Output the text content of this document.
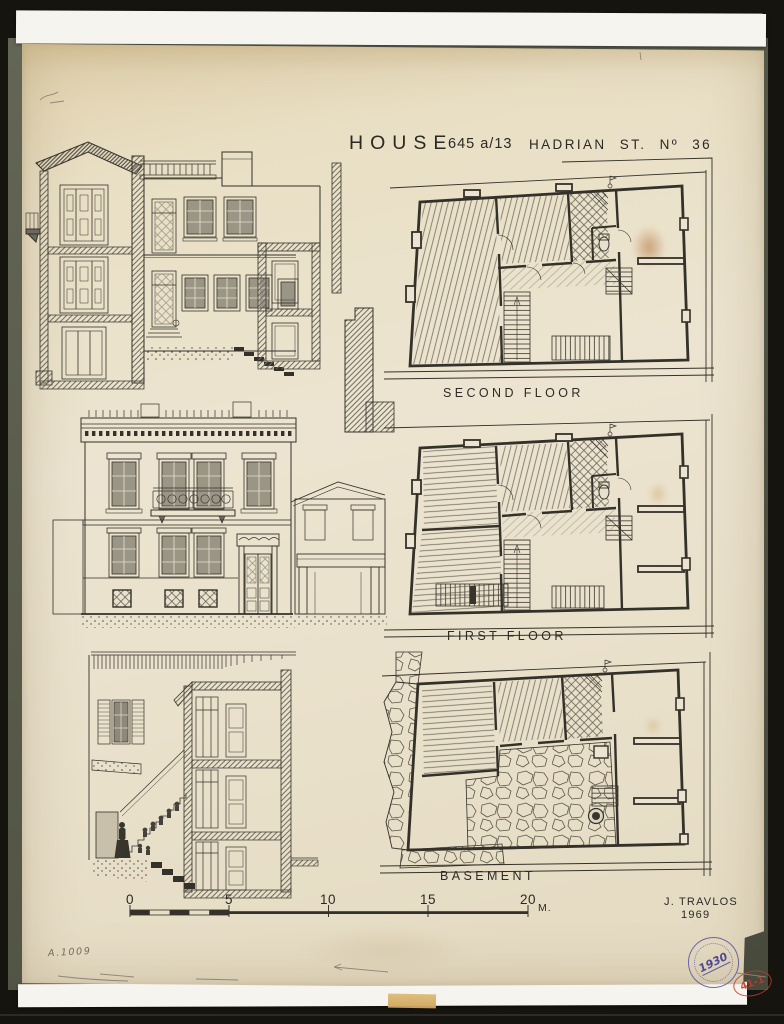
HOUSE
645 a/13 HADRIAN ST. Nº 36
SECOND FLOOR
FIRST FLOOR
BASEMENT
0	5	10	15	20
M.	J. TRAVLOS
1969
A.1009	1930
41-1
